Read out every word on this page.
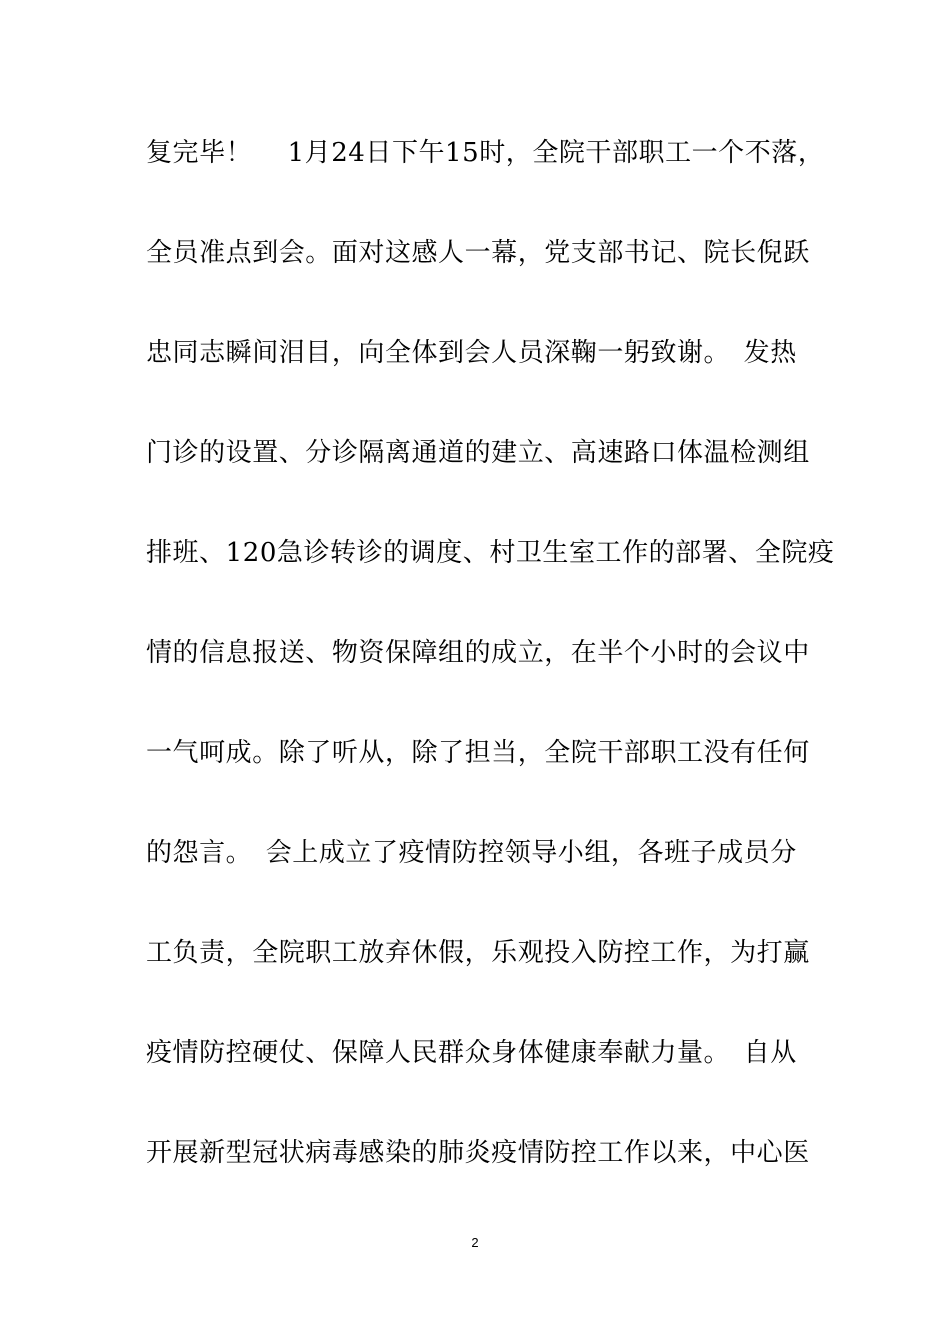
复完毕！　 1月24日下午15时，全院干部职工一个不落，
全员准点到会。面对这感人一幕，党支部书记、院长倪跃
忠同志瞬间泪目，向全体到会人员深鞠一躬致谢。　发热
门诊的设置、分诊隔离通道的建立、高速路口体温检测组
排班、120急诊转诊的调度、村卫生室工作的部署、全院疫
情的信息报送、物资保障组的成立，在半个小时的会议中
一气呵成。除了听从，除了担当，全院干部职工没有任何
的怨言。　会上成立了疫情防控领导小组，各班子成员分
工负责，全院职工放弃休假，乐观投入防控工作，为打赢
疫情防控硬仗、保障人民群众身体健康奉献力量。　自从
开展新型冠状病毒感染的肺炎疫情防控工作以来，中心医
2
